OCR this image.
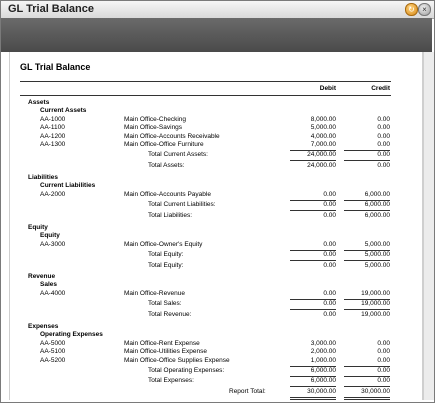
GL Trial Balance	↻ ×
GL Trial Balance
Debit	Credit
Assets
Current Assets
AA-1000	Main Office-Checking	8,000.00	0.00
AA-1100	Main Office-Savings	5,000.00	0.00
AA-1200	Main Office-Accounts Receivable	4,000.00	0.00
AA-1300	Main Office-Office Furniture	7,000.00	0.00
Total Current Assets:	24,000.00	0.00
Total Assets:	24,000.00	0.00
Liabilities
Current Liabilities
AA-2000	Main Office-Accounts Payable	0.00	6,000.00
Total Current Liabilities:	0.00	6,000.00
Total Liabilities:	0.00	6,000.00
Equity
Equity
AA-3000	Main Office-Owner's Equity	0.00	5,000.00
Total Equity:	0.00	5,000.00
Total Equity:	0.00	5,000.00
Revenue
Sales
AA-4000	Main Office-Revenue	0.00	19,000.00
Total Sales:	0.00	19,000.00
Total Revenue:	0.00	19,000.00
Expenses
Operating Expenses
AA-5000	Main Office-Rent Expense	3,000.00	0.00
AA-5100	Main Office-Utilities Expense	2,000.00	0.00
AA-5200	Main Office-Office Supplies Expense	1,000.00	0.00
Total Operating Expenses:	6,000.00	0.00
Total Expenses:	6,000.00	0.00
Report Total:	30,000.00	30,000.00
